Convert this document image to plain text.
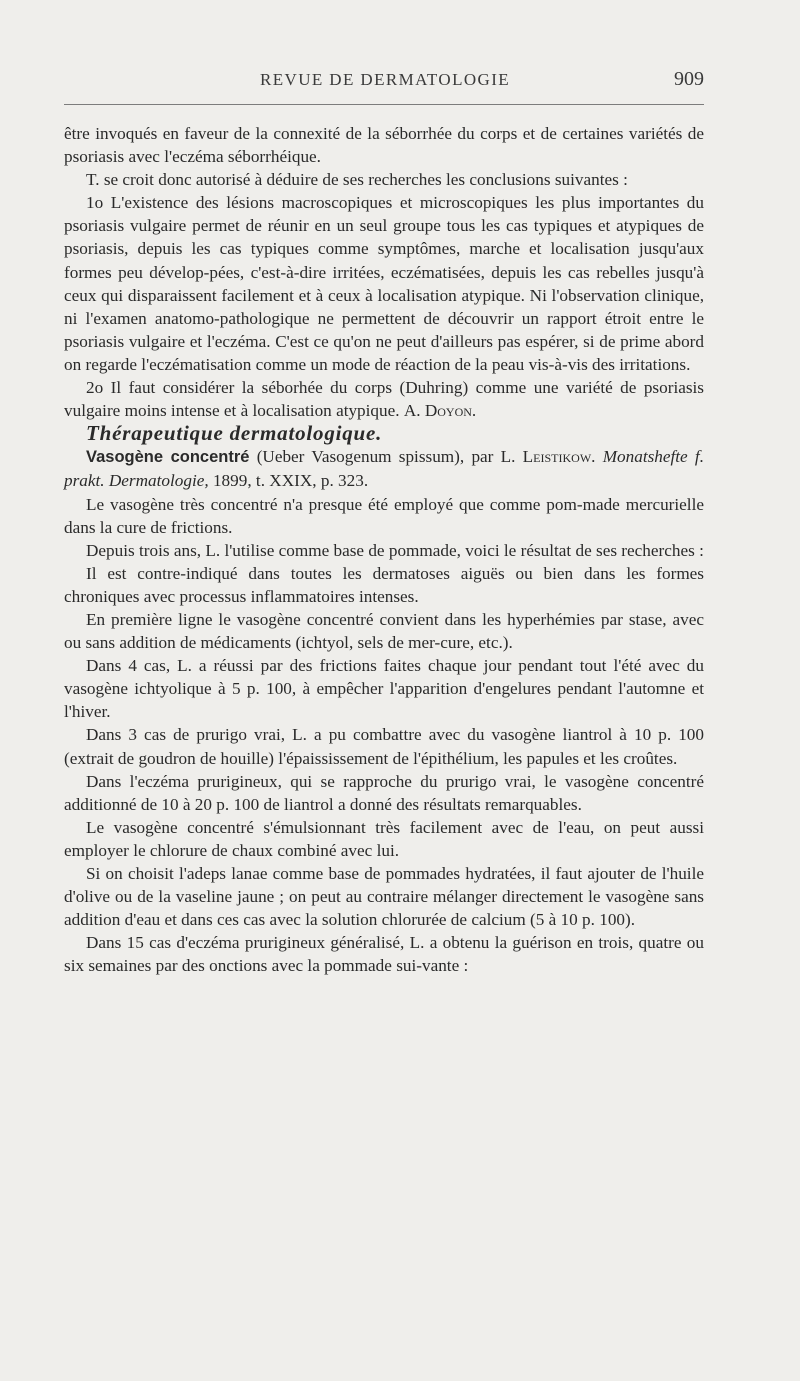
REVUE DE DERMATOLOGIE	909

être invoqués en faveur de la connexité de la séborrhée du corps et de certaines variétés de psoriasis avec l'eczéma séborrhéique.

T. se croit donc autorisé à déduire de ses recherches les conclusions suivantes :

1o L'existence des lésions macroscopiques et microscopiques les plus importantes du psoriasis vulgaire permet de réunir en un seul groupe tous les cas typiques et atypiques de psoriasis, depuis les cas typiques comme symptômes, marche et localisation jusqu'aux formes peu dévelop-pées, c'est-à-dire irritées, eczématisées, depuis les cas rebelles jusqu'à ceux qui disparaissent facilement et à ceux à localisation atypique. Ni l'observation clinique, ni l'examen anatomo-pathologique ne permettent de découvrir un rapport étroit entre le psoriasis vulgaire et l'eczéma. C'est ce qu'on ne peut d'ailleurs pas espérer, si de prime abord on regarde l'eczématisation comme un mode de réaction de la peau vis-à-vis des irritations.

2o Il faut considérer la séborhée du corps (Duhring) comme une variété de psoriasis vulgaire moins intense et à localisation atypique. A. Doyon.

Thérapeutique dermatologique.

Vasogène concentré (Ueber Vasogenum spissum), par L. Leistikow. Monatshefte f. prakt. Dermatologie, 1899, t. XXIX, p. 323.

Le vasogène très concentré n'a presque été employé que comme pom-made mercurielle dans la cure de frictions.

Depuis trois ans, L. l'utilise comme base de pommade, voici le résultat de ses recherches :

Il est contre-indiqué dans toutes les dermatoses aiguës ou bien dans les formes chroniques avec processus inflammatoires intenses.

En première ligne le vasogène concentré convient dans les hyperhémies par stase, avec ou sans addition de médicaments (ichtyol, sels de mer-cure, etc.).

Dans 4 cas, L. a réussi par des frictions faites chaque jour pendant tout l'été avec du vasogène ichtyolique à 5 p. 100, à empêcher l'apparition d'engelures pendant l'automne et l'hiver.

Dans 3 cas de prurigo vrai, L. a pu combattre avec du vasogène liantrol à 10 p. 100 (extrait de goudron de houille) l'épaississement de l'épithélium, les papules et les croûtes.

Dans l'eczéma prurigineux, qui se rapproche du prurigo vrai, le vasogène concentré additionné de 10 à 20 p. 100 de liantrol a donné des résultats remarquables.

Le vasogène concentré s'émulsionnant très facilement avec de l'eau, on peut aussi employer le chlorure de chaux combiné avec lui.

Si on choisit l'adeps lanae comme base de pommades hydratées, il faut ajouter de l'huile d'olive ou de la vaseline jaune ; on peut au contraire mélanger directement le vasogène sans addition d'eau et dans ces cas avec la solution chlorurée de calcium (5 à 10 p. 100).

Dans 15 cas d'eczéma prurigineux généralisé, L. a obtenu la guérison en trois, quatre ou six semaines par des onctions avec la pommade sui-vante :
